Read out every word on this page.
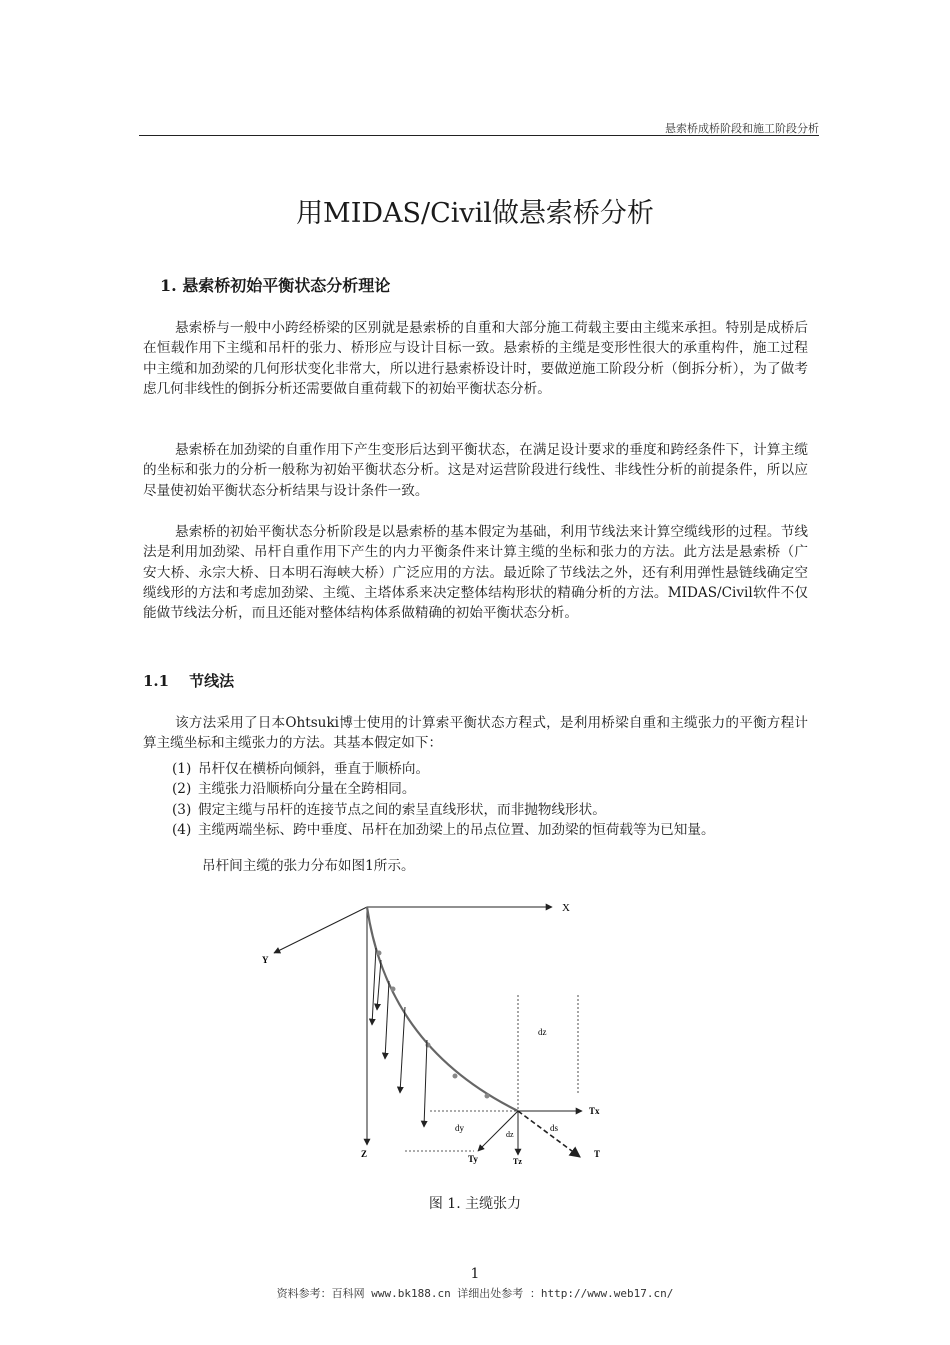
悬索桥成桥阶段和施工阶段分析
用MIDAS/Civil做悬索桥分析
1. 悬索桥初始平衡状态分析理论

悬索桥与一般中小跨经桥梁的区别就是悬索桥的自重和大部分施工荷载主要由主缆来承担。特别是成桥后在恒载作用下主缆和吊杆的张力、桥形应与设计目标一致。悬索桥的主缆是变形性很大的承重构件，施工过程中主缆和加劲梁的几何形状变化非常大，所以进行悬索桥设计时，要做逆施工阶段分析（倒拆分析），为了做考虑几何非线性的倒拆分析还需要做自重荷载下的初始平衡状态分析。

悬索桥在加劲梁的自重作用下产生变形后达到平衡状态，在满足设计要求的垂度和跨经条件下，计算主缆的坐标和张力的分析一般称为初始平衡状态分析。这是对运营阶段进行线性、非线性分析的前提条件，所以应尽量使初始平衡状态分析结果与设计条件一致。

悬索桥的初始平衡状态分析阶段是以悬索桥的基本假定为基础，利用节线法来计算空缆线形的过程。节线法是利用加劲梁、吊杆自重作用下产生的内力平衡条件来计算主缆的坐标和张力的方法。此方法是悬索桥（广安大桥、永宗大桥、日本明石海峡大桥）广泛应用的方法。最近除了节线法之外，还有利用弹性悬链线确定空缆线形的方法和考虑加劲梁、主缆、主塔体系来决定整体结构形状的精确分析的方法。MIDAS/Civil软件不仅能做节线法分析，而且还能对整体结构体系做精确的初始平衡状态分析。

1.1 节线法

该方法采用了日本Ohtsuki博士使用的计算索平衡状态方程式，是利用桥梁自重和主缆张力的平衡方程计算主缆坐标和主缆张力的方法。其基本假定如下：

(1) 吊杆仅在横桥向倾斜，垂直于顺桥向。
(2) 主缆张力沿顺桥向分量在全跨相同。
(3) 假定主缆与吊杆的连接节点之间的索呈直线形状，而非抛物线形状。
(4) 主缆两端坐标、跨中垂度、吊杆在加劲梁上的吊点位置、加劲梁的恒荷载等为已知量。

吊杆间主缆的张力分布如图1所示。

X
Y
Z
dz
Tx
dy
dz
ds
Ty	Tz
T

图 1. 主缆张力

1
资料参考：百科网 www.bk188.cn 详细出处参考 ：http://www.web17.cn/
